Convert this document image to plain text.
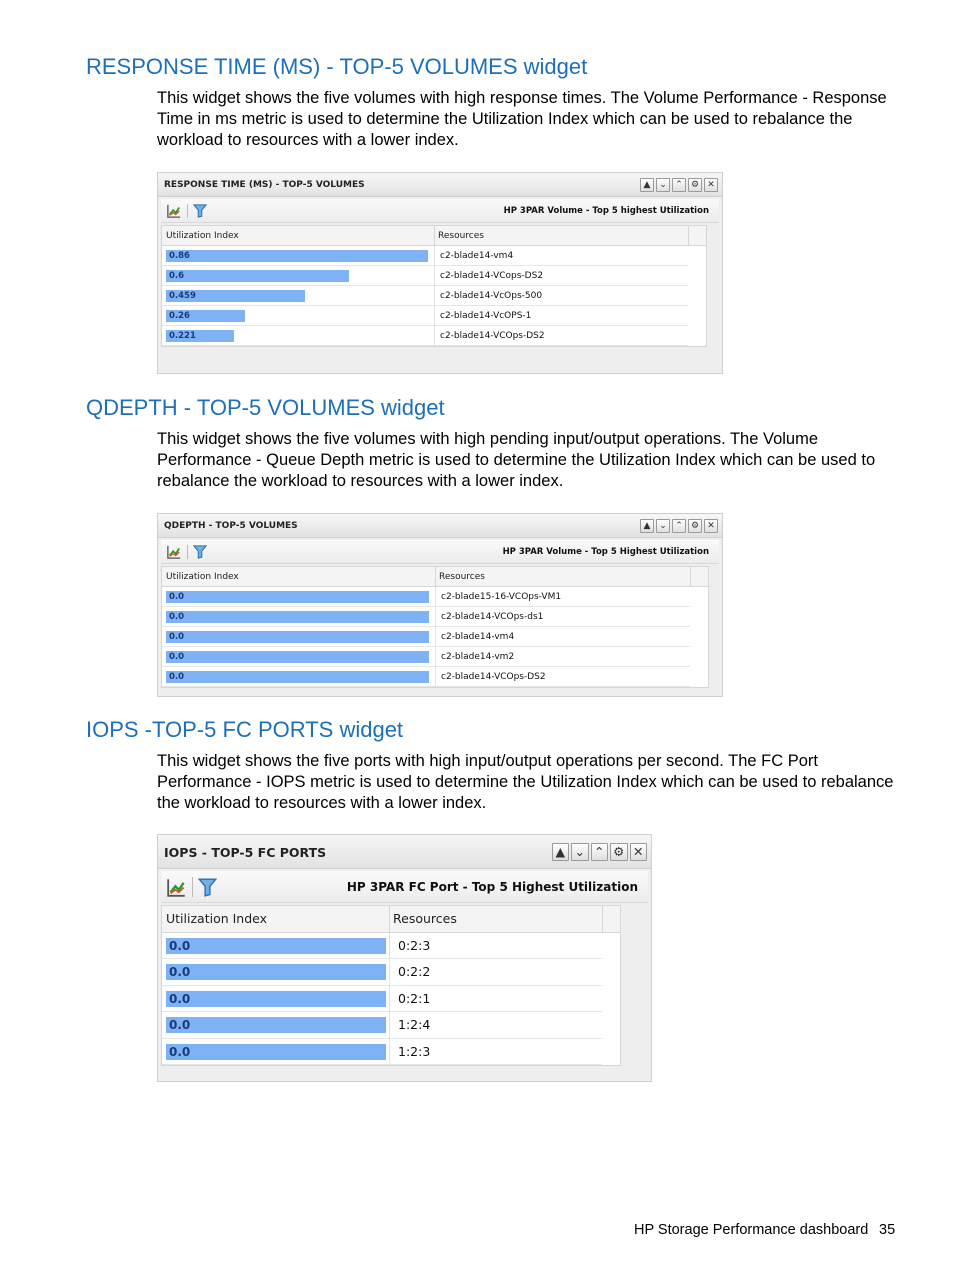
RESPONSE TIME (MS) - TOP-5 VOLUMES widget

This widget shows the five volumes with high response times. The Volume Performance - Response Time in ms metric is used to determine the Utilization Index which can be used to rebalance the workload to resources with a lower index.

RESPONSE TIME (MS) - TOP-5 VOLUMES	▲ ⌄ ⌃ ⚙ ✕
HP 3PAR Volume - Top 5 highest Utilization
Utilization Index	Resources
0.86	c2-blade14-vm4
0.6	c2-blade14-VCops-DS2
0.459	c2-blade14-VcOps-500
0.26	c2-blade14-VcOPS-1
0.221	c2-blade14-VCOps-DS2
QDEPTH - TOP-5 VOLUMES widget

This widget shows the five volumes with high pending input/output operations. The Volume Performance - Queue Depth metric is used to determine the Utilization Index which can be used to rebalance the workload to resources with a lower index.

QDEPTH - TOP-5 VOLUMES	▲ ⌄ ⌃ ⚙ ✕
HP 3PAR Volume - Top 5 Highest Utilization
Utilization Index	Resources
0.0	c2-blade15-16-VCOps-VM1
0.0	c2-blade14-VCOps-ds1
0.0	c2-blade14-vm4
0.0	c2-blade14-vm2
0.0	c2-blade14-VCOps-DS2
IOPS -TOP-5 FC PORTS widget

This widget shows the five ports with high input/output operations per second. The FC Port Performance - IOPS metric is used to determine the Utilization Index which can be used to rebalance the workload to resources with a lower index.

IOPS - TOP-5 FC PORTS	▲ ⌄ ⌃ ⚙ ✕
HP 3PAR FC Port - Top 5 Highest Utilization
Utilization Index	Resources
0.0	0:2:3
0.0	0:2:2
0.0	0:2:1
0.0	1:2:4
0.0	1:2:3
HP Storage Performance dashboard 35
